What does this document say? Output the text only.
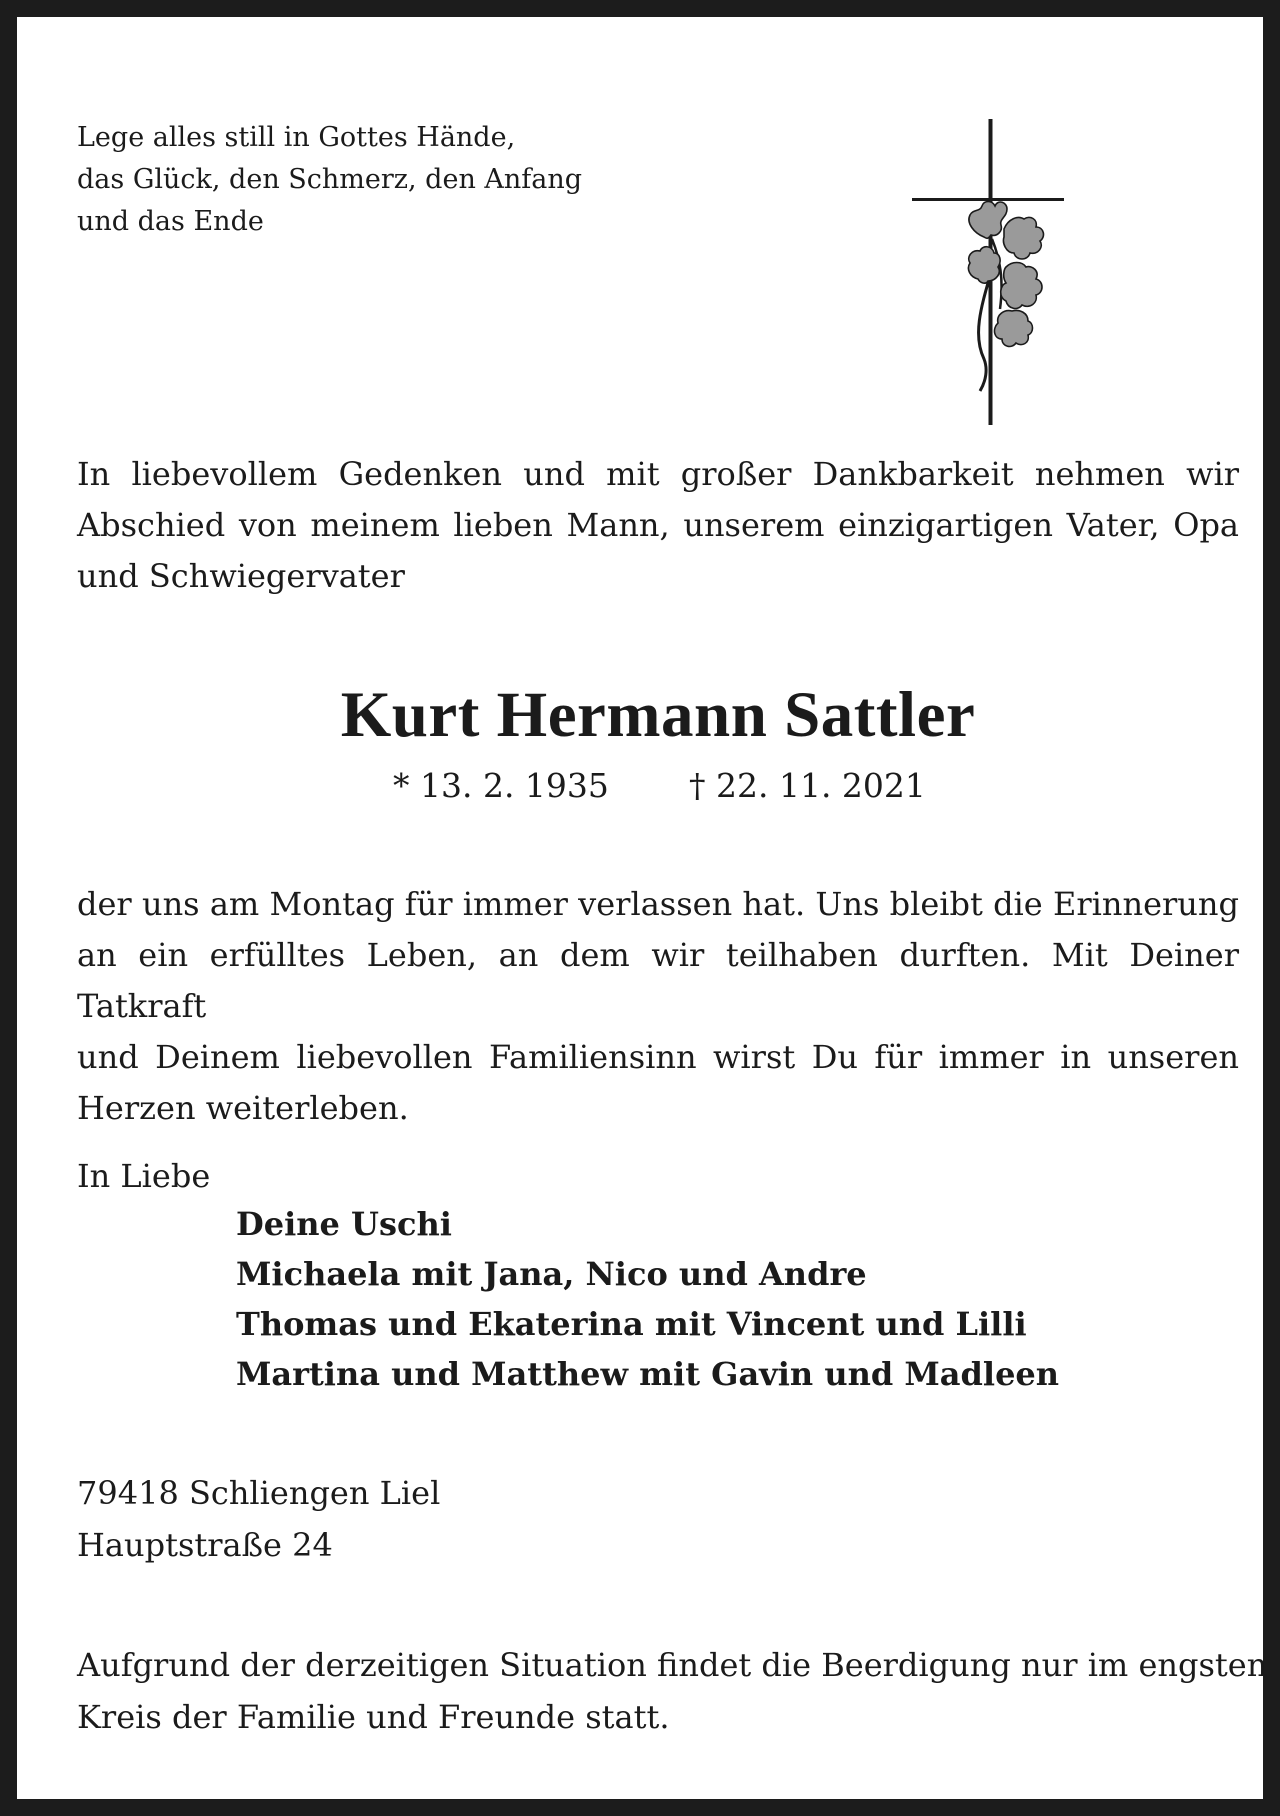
Lege alles still in Gottes Hände,
das Glück, den Schmerz, den Anfang
und das Ende

In liebevollem Gedenken und mit großer Dankbarkeit nehmen wir
Abschied von meinem lieben Mann, unserem einzigartigen Vater, Opa
und Schwiegervater

Kurt Hermann Sattler
* 13. 2. 1935 † 22. 11. 2021

der uns am Montag für immer verlassen hat. Uns bleibt die Erinnerung
an ein erfülltes Leben, an dem wir teilhaben durften. Mit Deiner Tatkraft
und Deinem liebevollen Familiensinn wirst Du für immer in unseren
Herzen weiterleben.

In Liebe

Deine Uschi
Michaela mit Jana, Nico und Andre
Thomas und Ekaterina mit Vincent und Lilli
Martina und Matthew mit Gavin und Madleen

79418 Schliengen Liel
Hauptstraße 24

Aufgrund der derzeitigen Situation findet die Beerdigung nur im engsten
Kreis der Familie und Freunde statt.
